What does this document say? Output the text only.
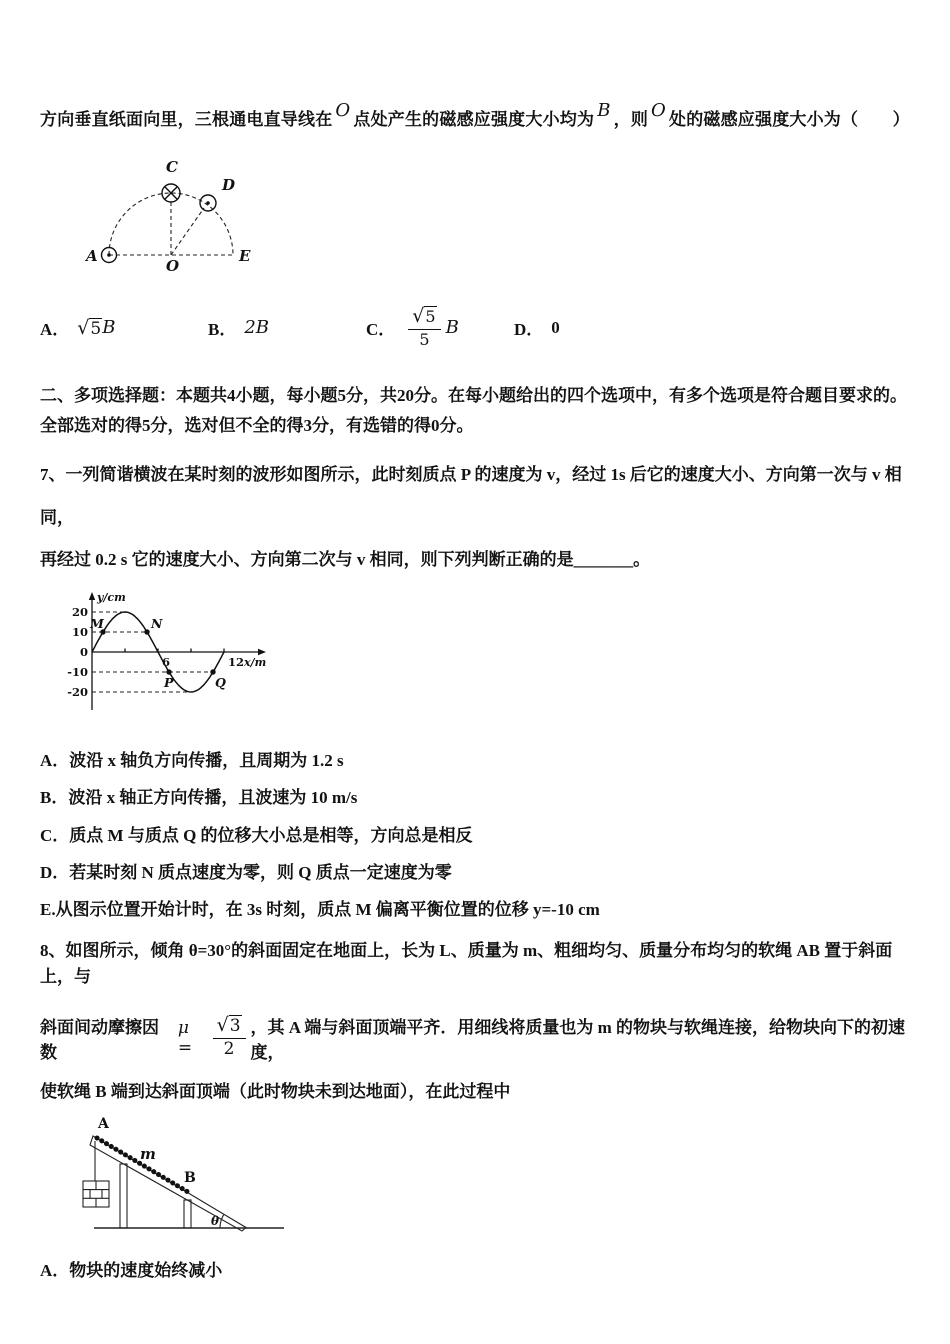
方向垂直纸面向里，三根通电直导线在 O 点处产生的磁感应强度大小均为 B ，则 O 处的磁感应强度大小为（　　）
A
C
D
O
E
A． √5 B	B． 2B	C． $\frac{√5}{5}$ B	D． 0
二、多项选择题：本题共4小题，每小题5分，共20分。在每小题给出的四个选项中，有多个选项是符合题目要求的。
全部选对的得5分，选对但不全的得3分，有选错的得0分。
7、一列简谐横波在某时刻的波形如图所示，此时刻质点 P 的速度为 v，经过 1s 后它的速度大小、方向第一次与 v 相同，
再经过 0.2 s 它的速度大小、方向第二次与 v 相同，则下列判断正确的是_______。
y/cm
x/m
20
10
0
-10
-20
6	12
M	N
P	Q
A．波沿 x 轴负方向传播，且周期为 1.2 s
B．波沿 x 轴正方向传播，且波速为 10 m/s
C．质点 M 与质点 Q 的位移大小总是相等，方向总是相反
D．若某时刻 N 质点速度为零，则 Q 质点一定速度为零
E.从图示位置开始计时，在 3s 时刻，质点 M 偏离平衡位置的位移 y=-10 cm
8、如图所示，倾角 θ=30°的斜面固定在地面上，长为 L、质量为 m、粗细均匀、质量分布均匀的软绳 AB 置于斜面上，与
斜面间动摩擦因数
μ =	$\frac{√3}{2}$ ，其 A 端与斜面顶端平齐．用细线将质量也为 m 的物块与软绳连接，给物块向下的初速度，
使软绳 B 端到达斜面顶端（此时物块未到达地面），在此过程中
A
B
m
θ
A．物块的速度始终减小
